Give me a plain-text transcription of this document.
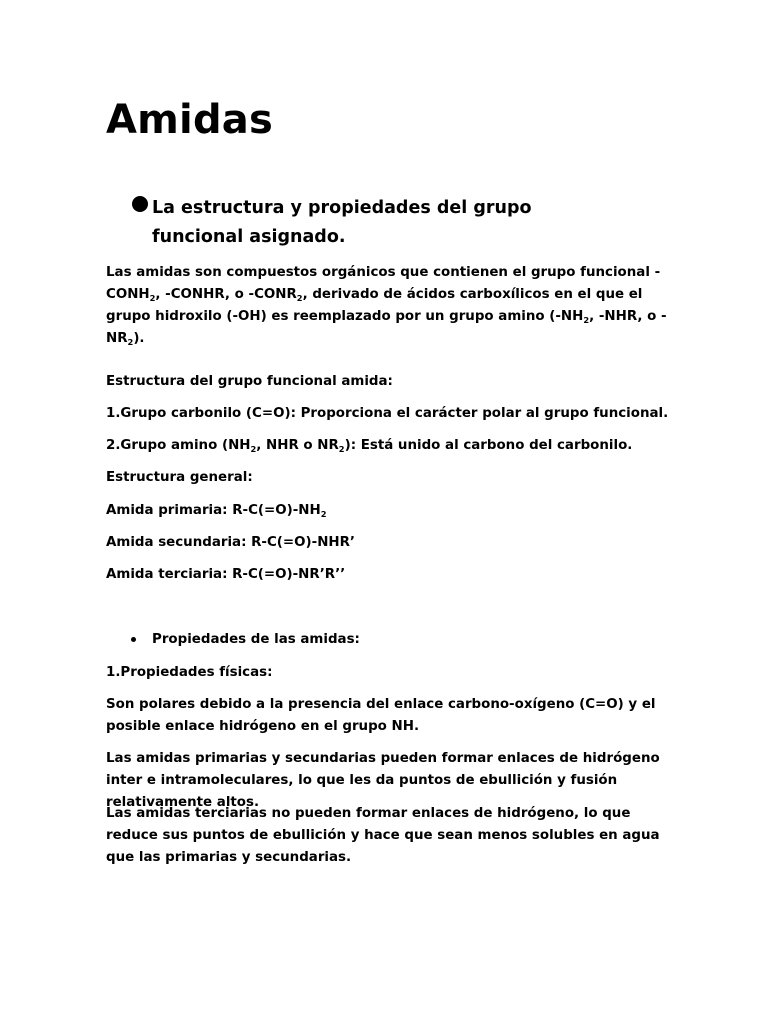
Amidas

La estructura y propiedades del grupo funcional asignado.

Las amidas son compuestos orgánicos que contienen el grupo funcional $-CONH_2$, -CONHR, o $-CONR_2$, derivado de ácidos carboxílicos en el que el grupo hidroxilo (-OH) es reemplazado por un grupo amino ($-NH_2$, -NHR, o $-NR_2$).

Estructura del grupo funcional amida:

1.Grupo carbonilo (C=O): Proporciona el carácter polar al grupo funcional.

2.Grupo amino ($NH_2$, NHR o $NR_2$): Está unido al carbono del carbonilo.

Estructura general:

Amida primaria: $R-C(=O)-NH_2$

Amida secundaria: R-C(=O)-NHR’

Amida terciaria: R-C(=O)-NR’R’’

Propiedades de las amidas:

1.Propiedades físicas:

Son polares debido a la presencia del enlace carbono-oxígeno (C=O) y el posible enlace hidrógeno en el grupo NH.

Las amidas primarias y secundarias pueden formar enlaces de hidrógeno inter e intramoleculares, lo que les da puntos de ebullición y fusión relativamente altos.

Las amidas terciarias no pueden formar enlaces de hidrógeno, lo que reduce sus puntos de ebullición y hace que sean menos solubles en agua que las primarias y secundarias.
